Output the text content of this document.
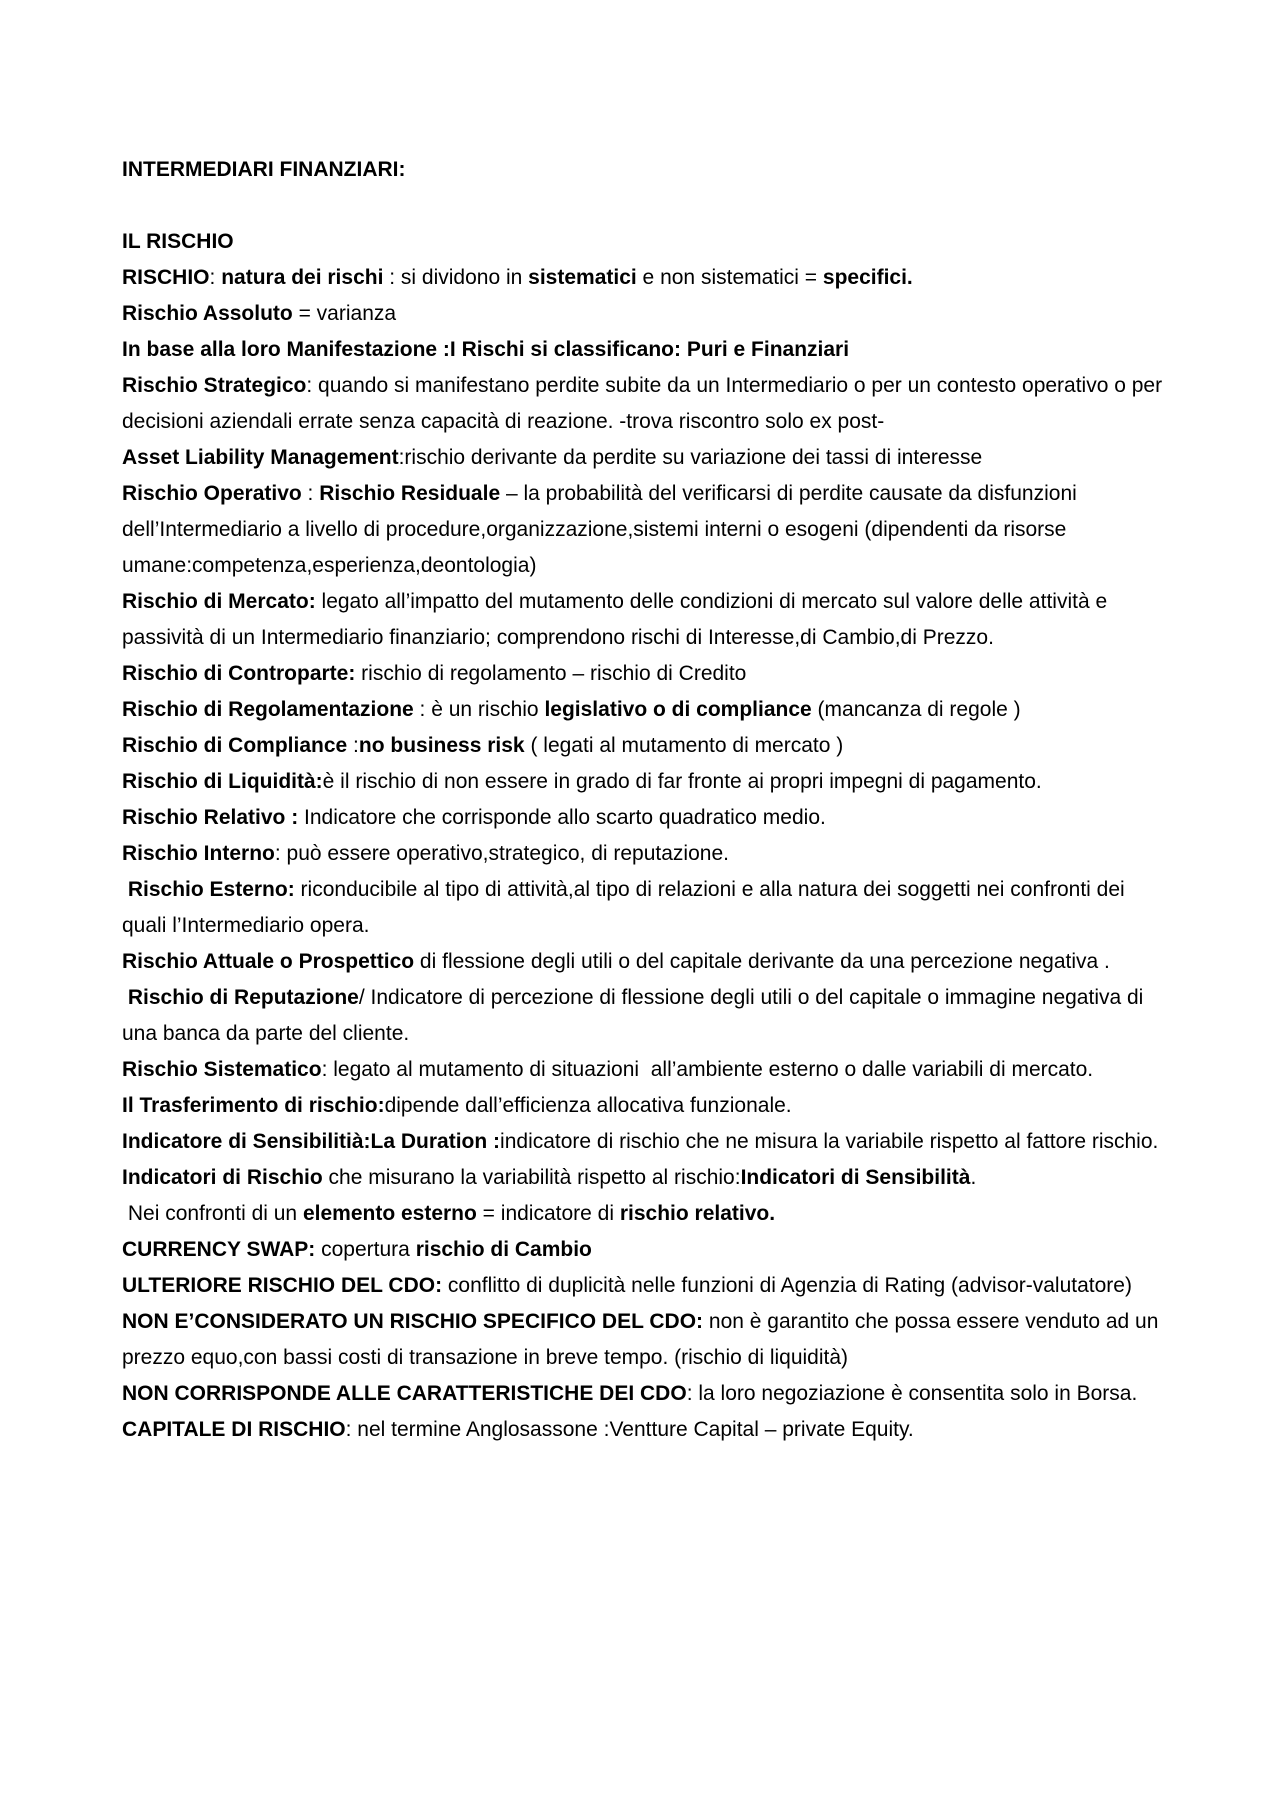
INTERMEDIARI FINANZIARI:

IL RISCHIO

RISCHIO: natura dei rischi : si dividono in sistematici e non sistematici = specifici.

Rischio Assoluto = varianza

In base alla loro Manifestazione :I Rischi si classificano: Puri e Finanziari

Rischio Strategico: quando si manifestano perdite subite da un Intermediario o per un contesto operativo o per decisioni aziendali errate senza capacità di reazione. -trova riscontro solo ex post-

Asset Liability Management:rischio derivante da perdite su variazione dei tassi di interesse

Rischio Operativo : Rischio Residuale – la probabilità del verificarsi di perdite causate da disfunzioni dell’Intermediario a livello di procedure,organizzazione,sistemi interni o esogeni (dipendenti da risorse umane:competenza,esperienza,deontologia)

Rischio di Mercato: legato all’impatto del mutamento delle condizioni di mercato sul valore delle attività e passività di un Intermediario finanziario; comprendono rischi di Interesse,di Cambio,di Prezzo.

Rischio di Controparte: rischio di regolamento – rischio di Credito

Rischio di Regolamentazione : è un rischio legislativo o di compliance (mancanza di regole )

Rischio di Compliance :no business risk ( legati al mutamento di mercato )

Rischio di Liquidità:è il rischio di non essere in grado di far fronte ai propri impegni di pagamento.

Rischio Relativo : Indicatore che corrisponde allo scarto quadratico medio.

Rischio Interno: può essere operativo,strategico, di reputazione.

Rischio Esterno: riconducibile al tipo di attività,al tipo di relazioni e alla natura dei soggetti nei confronti dei quali l’Intermediario opera.

Rischio Attuale o Prospettico di flessione degli utili o del capitale derivante da una percezione negativa .

Rischio di Reputazione/ Indicatore di percezione di flessione degli utili o del capitale o immagine negativa di una banca da parte del cliente.

Rischio Sistematico: legato al mutamento di situazioni  all’ambiente esterno o dalle variabili di mercato.

Il Trasferimento di rischio:dipende dall’efficienza allocativa funzionale.

Indicatore di Sensibilitià:La Duration :indicatore di rischio che ne misura la variabile rispetto al fattore rischio.

Indicatori di Rischio che misurano la variabilità rispetto al rischio:Indicatori di Sensibilità.

Nei confronti di un elemento esterno = indicatore di rischio relativo.

CURRENCY SWAP: copertura rischio di Cambio

ULTERIORE RISCHIO DEL CDO: conflitto di duplicità nelle funzioni di Agenzia di Rating (advisor-valutatore)

NON E’CONSIDERATO UN RISCHIO SPECIFICO DEL CDO: non è garantito che possa essere venduto ad un prezzo equo,con bassi costi di transazione in breve tempo. (rischio di liquidità)

NON CORRISPONDE ALLE CARATTERISTICHE DEI CDO: la loro negoziazione è consentita solo in Borsa.

CAPITALE DI RISCHIO: nel termine Anglosassone :Ventture Capital – private Equity.
